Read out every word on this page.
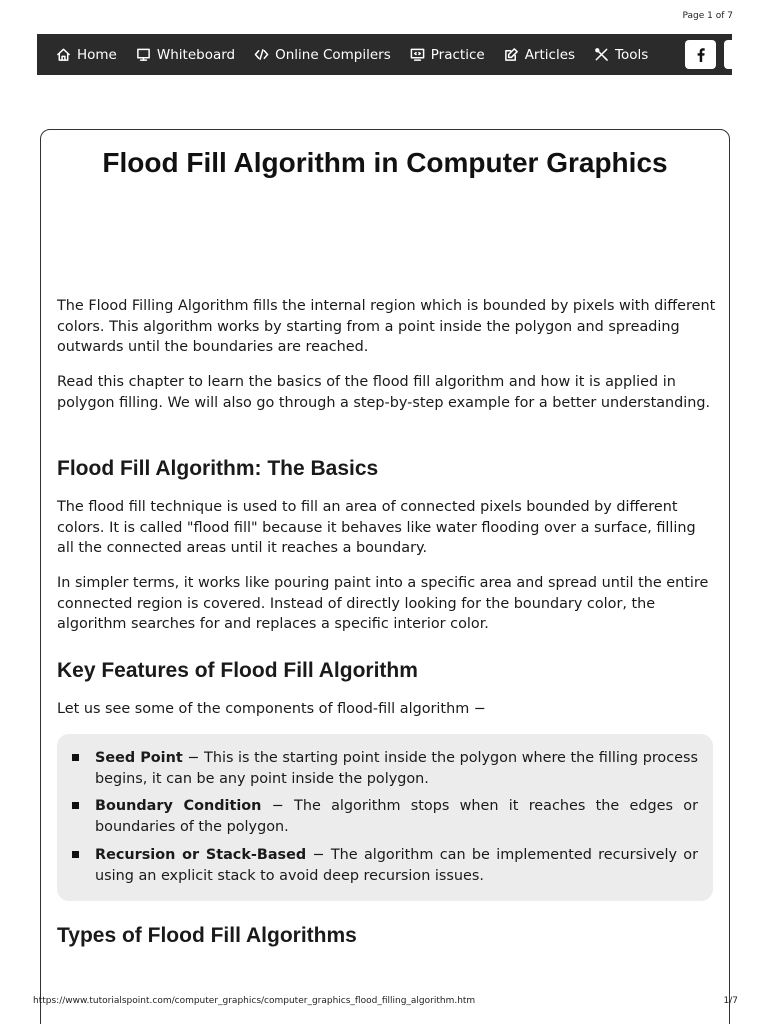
Page 1 of 7
Home	Whiteboard	Online Compilers	Practice	Articles	Tools
Flood Fill Algorithm in Computer Graphics

The Flood Filling Algorithm fills the internal region which is bounded by pixels with different colors. This algorithm works by starting from a point inside the polygon and spreading outwards until the boundaries are reached.

Read this chapter to learn the basics of the flood fill algorithm and how it is applied in polygon filling. We will also go through a step-by-step example for a better understanding.

Flood Fill Algorithm: The Basics

The flood fill technique is used to fill an area of connected pixels bounded by different colors. It is called "flood fill" because it behaves like water flooding over a surface, filling all the connected areas until it reaches a boundary.

In simpler terms, it works like pouring paint into a specific area and spread until the entire connected region is covered. Instead of directly looking for the boundary color, the algorithm searches for and replaces a specific interior color.

Key Features of Flood Fill Algorithm

Let us see some of the components of flood-fill algorithm −

Seed Point − This is the starting point inside the polygon where the filling process begins, it can be any point inside the polygon.
Boundary Condition − The algorithm stops when it reaches the edges or boundaries of the polygon.
Recursion or Stack-Based − The algorithm can be implemented recursively or using an explicit stack to avoid deep recursion issues.
Types of Flood Fill Algorithms
https://www.tutorialspoint.com/computer_graphics/computer_graphics_flood_filling_algorithm.htm	1/7
